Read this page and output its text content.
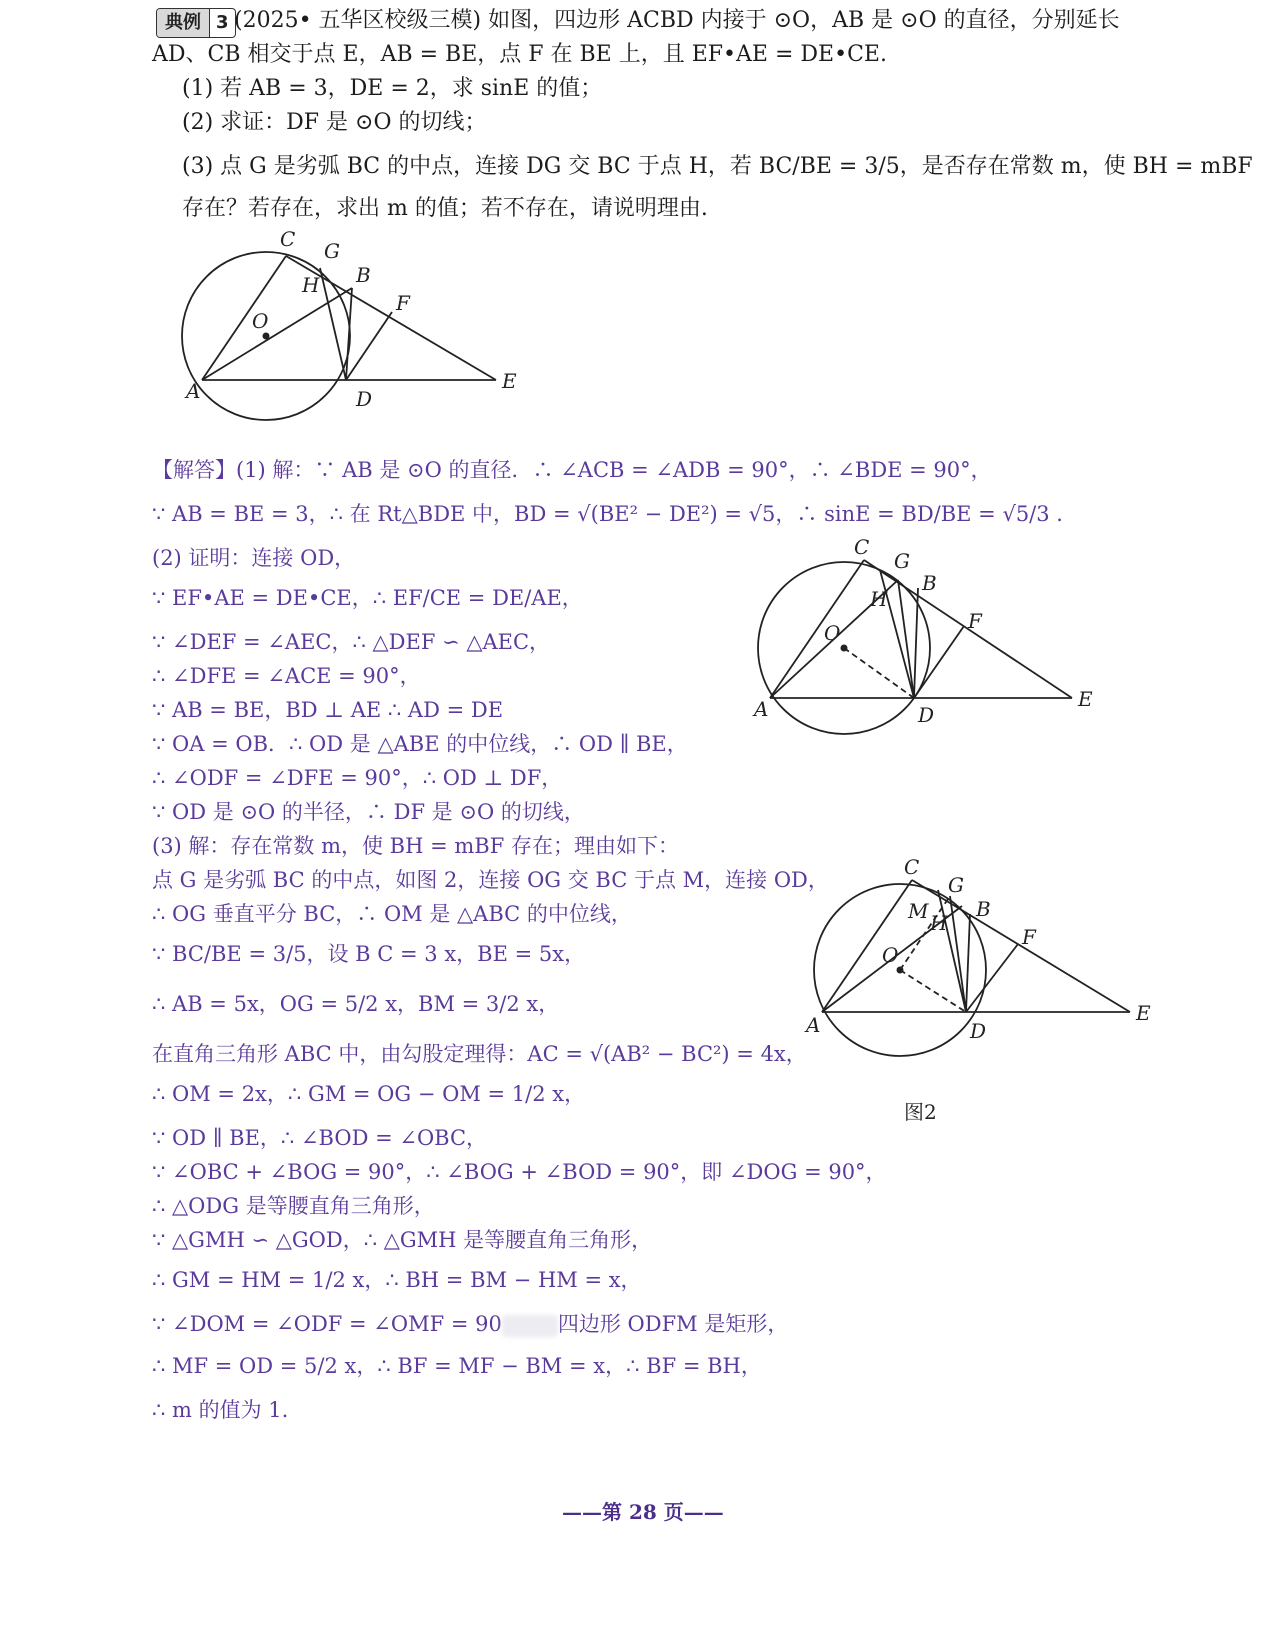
典例 3 (2025• 五华区校级三模) 如图，四边形 ACBD 内接于 ⊙O，AB 是 ⊙O 的直径，分别延长
AD、CB 相交于点 E，AB = BE，点 F 在 BE 上，且 EF•AE = DE•CE.
(1) 若 AB = 3，DE = 2，求 sinE 的值；
(2) 求证：DF 是 ⊙O 的切线；
(3) 点 G 是劣弧 BC 的中点，连接 DG 交 BC 于点 H，若 BC/BE = 3/5，是否存在常数 m，使 BH = mBF
存在？若存在，求出 m 的值；若不存在，请说明理由.
A	D
E
F
B
G
C
H
O
【解答】(1) 解：∵ AB 是 ⊙O 的直径．∴ ∠ACB = ∠ADB = 90°，∴ ∠BDE = 90°，
∵ AB = BE = 3，∴ 在 Rt△BDE 中，BD = √(BE² − DE²) = √5，∴ sinE = BD/BE = √5/3 .
(2) 证明：连接 OD，
∵ EF•AE = DE•CE，∴ EF/CE = DE/AE，
∵ ∠DEF = ∠AEC，∴ △DEF ∽ △AEC，
∴ ∠DFE = ∠ACE = 90°，
∵ AB = BE，BD ⊥ AE ∴ AD = DE
∵ OA = OB．∴ OD 是 △ABE 的中位线，∴ OD ∥ BE，
∴ ∠ODF = ∠DFE = 90°，∴ OD ⊥ DF，
∵ OD 是 ⊙O 的半径，∴ DF 是 ⊙O 的切线，
(3) 解：存在常数 m，使 BH = mBF 存在；理由如下：
点 G 是劣弧 BC 的中点，如图 2，连接 OG 交 BC 于点 M，连接 OD，
∴ OG 垂直平分 BC，∴ OM 是 △ABC 的中位线，
∵ BC/BE = 3/5，设 B C = 3 x，BE = 5x，
∴ AB = 5x，OG = 5/2 x，BM = 3/2 x，
在直角三角形 ABC 中，由勾股定理得：AC = √(AB² − BC²) = 4x，
∴ OM = 2x，∴ GM = OG − OM = 1/2 x，
∵ OD ∥ BE，∴ ∠BOD = ∠OBC，
∵ ∠OBC + ∠BOG = 90°，∴ ∠BOG + ∠BOD = 90°，即 ∠DOG = 90°，
∴ △ODG 是等腰直角三角形，
∵ △GMH ∽ △GOD，∴ △GMH 是等腰直角三角形，
∴ GM = HM = 1/2 x，∴ BH = BM − HM = x，
∵ ∠DOM = ∠ODF = ∠OMF = 90	四边形 ODFM 是矩形，
∴ MF = OD = 5/2 x，∴ BF = MF − BM = x，∴ BF = BH，
∴ m 的值为 1.
A	D
E
F
B
G
C
H
O
A	D
E
F
B
G
C
M H
O
图2
——第 28 页——
